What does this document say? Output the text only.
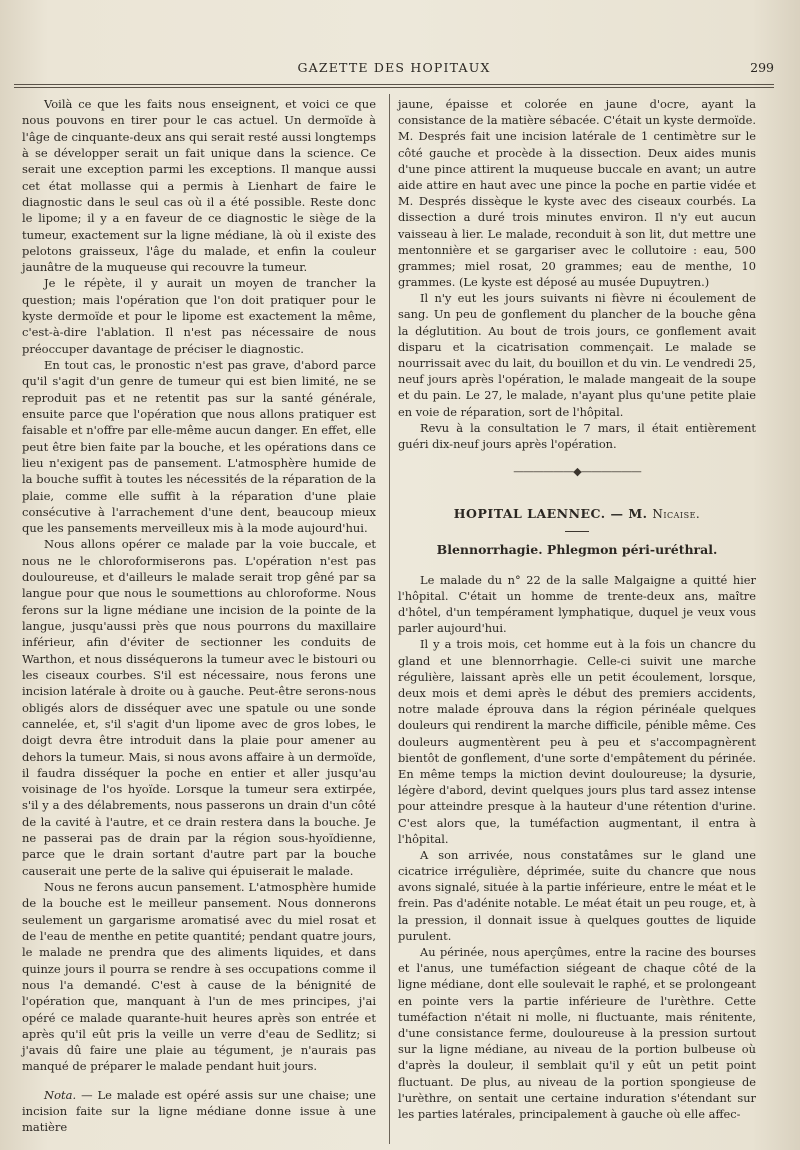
GAZETTE DES HOPITAUX	299

Voilà ce que les faits nous enseignent, et voici ce que nous pouvons en tirer pour le cas actuel. Un dermoïde à l'âge de cinquante-deux ans qui serait resté aussi longtemps à se développer serait un fait unique dans la science. Ce serait une exception parmi les exceptions. Il manque aussi cet état mollasse qui a permis à Lienhart de faire le diagnostic dans le seul cas où il a été possible. Reste donc le lipome; il y a en faveur de ce diagnostic le siège de la tumeur, exactement sur la ligne médiane, là où il existe des pelotons graisseux, l'âge du malade, et enfin la couleur jaunâtre de la muqueuse qui recouvre la tumeur.

Je le répète, il y aurait un moyen de trancher la question; mais l'opération que l'on doit pratiquer pour le kyste dermoïde et pour le lipome est exactement la même, c'est-à-dire l'ablation. Il n'est pas nécessaire de nous préoccuper davantage de préciser le diagnostic.

En tout cas, le pronostic n'est pas grave, d'abord parce qu'il s'agit d'un genre de tumeur qui est bien limité, ne se reproduit pas et ne retentit pas sur la santé générale, ensuite parce que l'opération que nous allons pratiquer est faisable et n'offre par elle-même aucun danger. En effet, elle peut être bien faite par la bouche, et les opérations dans ce lieu n'exigent pas de pansement. L'atmosphère humide de la bouche suffit à toutes les nécessités de la réparation de la plaie, comme elle suffit à la réparation d'une plaie consécutive à l'arrachement d'une dent, beaucoup mieux que les pansements merveilleux mis à la mode aujourd'hui.

Nous allons opérer ce malade par la voie buccale, et nous ne le chloroformiserons pas. L'opération n'est pas douloureuse, et d'ailleurs le malade serait trop gêné par sa langue pour que nous le soumettions au chloroforme. Nous ferons sur la ligne médiane une incision de la pointe de la langue, jusqu'aussi près que nous pourrons du maxillaire inférieur, afin d'éviter de sectionner les conduits de Warthon, et nous disséquerons la tumeur avec le bistouri ou les ciseaux courbes. S'il est nécessaire, nous ferons une incision latérale à droite ou à gauche. Peut-être serons-nous obligés alors de disséquer avec une spatule ou une sonde cannelée, et, s'il s'agit d'un lipome avec de gros lobes, le doigt devra être introduit dans la plaie pour amener au dehors la tumeur. Mais, si nous avons affaire à un dermoïde, il faudra disséquer la poche en entier et aller jusqu'au voisinage de l'os hyoïde. Lorsque la tumeur sera extirpée, s'il y a des délabrements, nous passerons un drain d'un côté de la cavité à l'autre, et ce drain restera dans la bouche. Je ne passerai pas de drain par la région sous-hyoïdienne, parce que le drain sortant d'autre part par la bouche causerait une perte de la salive qui épuiserait le malade.

Nous ne ferons aucun pansement. L'atmosphère humide de la bouche est le meilleur pansement. Nous donnerons seulement un gargarisme aromatisé avec du miel rosat et de l'eau de menthe en petite quantité; pendant quatre jours, le malade ne prendra que des aliments liquides, et dans quinze jours il pourra se rendre à ses occupations comme il nous l'a demandé. C'est à cause de la bénignité de l'opération que, manquant à l'un de mes principes, j'ai opéré ce malade quarante-huit heures après son entrée et après qu'il eût pris la veille un verre d'eau de Sedlitz; si j'avais dû faire une plaie au tégument, je n'aurais pas manqué de préparer le malade pendant huit jours.

Nota. — Le malade est opéré assis sur une chaise; une incision faite sur la ligne médiane donne issue à une matière

jaune, épaisse et colorée en jaune d'ocre, ayant la consistance de la matière sébacée. C'était un kyste dermoïde. M. Després fait une incision latérale de 1 centimètre sur le côté gauche et procède à la dissection. Deux aides munis d'une pince attirent la muqueuse buccale en avant; un autre aide attire en haut avec une pince la poche en partie vidée et M. Després dissèque le kyste avec des ciseaux courbés. La dissection a duré trois minutes environ. Il n'y eut aucun vaisseau à lier. Le malade, reconduit à son lit, dut mettre une mentonnière et se gargariser avec le collutoire : eau, 500 grammes; miel rosat, 20 grammes; eau de menthe, 10 grammes. (Le kyste est déposé au musée Dupuytren.)

Il n'y eut les jours suivants ni fièvre ni écoulement de sang. Un peu de gonflement du plancher de la bouche gêna la déglutition. Au bout de trois jours, ce gonflement avait disparu et la cicatrisation commençait. Le malade se nourrissait avec du lait, du bouillon et du vin. Le vendredi 25, neuf jours après l'opération, le malade mangeait de la soupe et du pain. Le 27, le malade, n'ayant plus qu'une petite plaie en voie de réparation, sort de l'hôpital.

Revu à la consultation le 7 mars, il était entièrement guéri dix-neuf jours après l'opération.

——————◆——————
HOPITAL LAENNEC. — M. Nicaise.
Blennorrhagie. Phlegmon péri-uréthral.

Le malade du n° 22 de la salle Malgaigne a quitté hier l'hôpital. C'était un homme de trente-deux ans, maître d'hôtel, d'un tempérament lymphatique, duquel je veux vous parler aujourd'hui.

Il y a trois mois, cet homme eut à la fois un chancre du gland et une blennorrhagie. Celle-ci suivit une marche régulière, laissant après elle un petit écoulement, lorsque, deux mois et demi après le début des premiers accidents, notre malade éprouva dans la région périnéale quelques douleurs qui rendirent la marche difficile, pénible même. Ces douleurs augmentèrent peu à peu et s'accompagnèrent bientôt de gonflement, d'une sorte d'empâtement du périnée. En même temps la miction devint douloureuse; la dysurie, légère d'abord, devint quelques jours plus tard assez intense pour atteindre presque à la hauteur d'une rétention d'urine. C'est alors que, la tuméfaction augmentant, il entra à l'hôpital.

A son arrivée, nous constatâmes sur le gland une cicatrice irrégulière, déprimée, suite du chancre que nous avons signalé, située à la partie inférieure, entre le méat et le frein. Pas d'adénite notable. Le méat était un peu rouge, et, à la pression, il donnait issue à quelques gouttes de liquide purulent.

Au périnée, nous aperçûmes, entre la racine des bourses et l'anus, une tuméfaction siégeant de chaque côté de la ligne médiane, dont elle soulevait le raphé, et se prolongeant en pointe vers la partie inférieure de l'urèthre. Cette tuméfaction n'était ni molle, ni fluctuante, mais rénitente, d'une consistance ferme, douloureuse à la pression surtout sur la ligne médiane, au niveau de la portion bulbeuse où d'après la douleur, il semblait qu'il y eût un petit point fluctuant. De plus, au niveau de la portion spongieuse de l'urèthre, on sentait une certaine induration s'étendant sur les parties latérales, principalement à gauche où elle affec-
